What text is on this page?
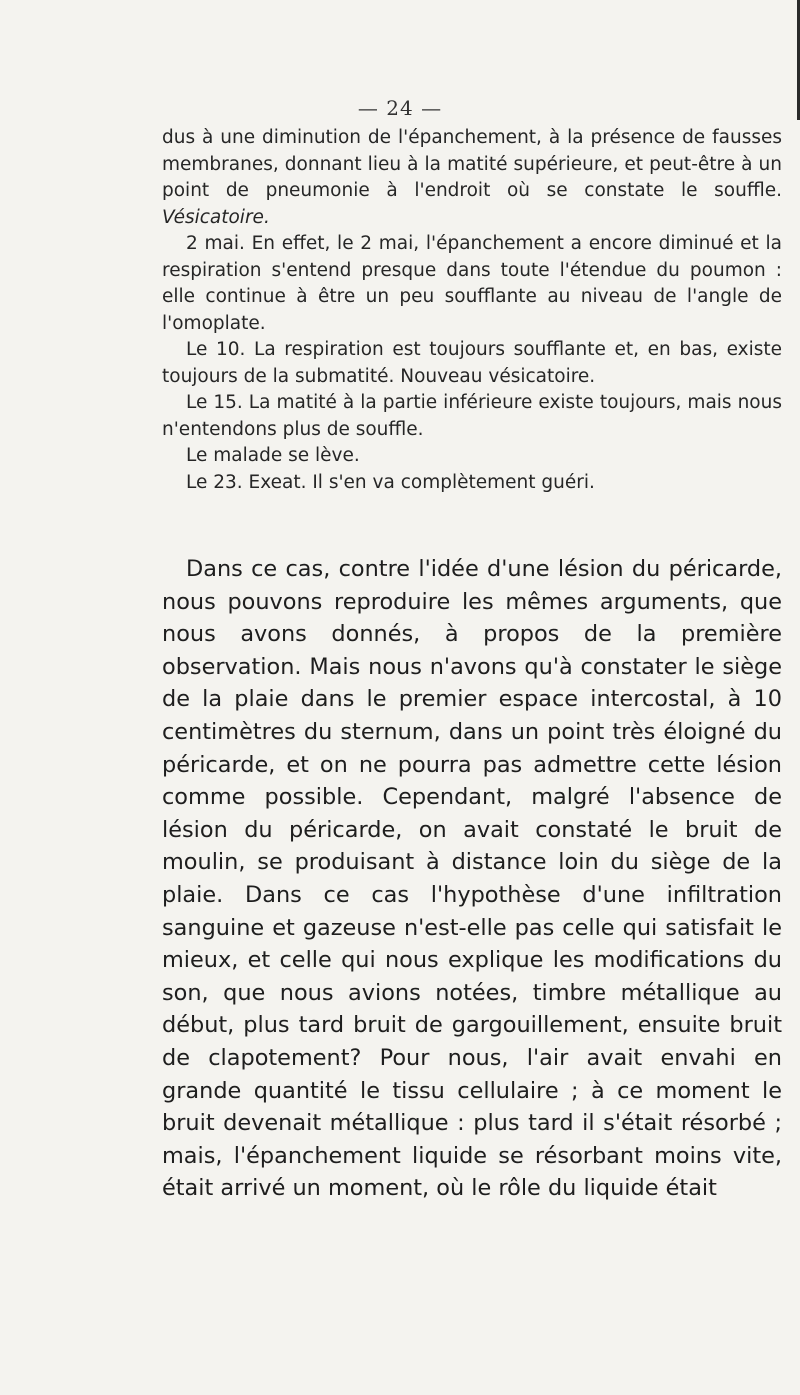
— 24 —

dus à une diminution de l'épanchement, à la présence de fausses membranes, donnant lieu à la matité supérieure, et peut-être à un point de pneumonie à l'endroit où se constate le souffle. Vésicatoire.

2 mai. En effet, le 2 mai, l'épanchement a encore diminué et la respiration s'entend presque dans toute l'étendue du poumon : elle continue à être un peu soufflante au niveau de l'angle de l'omoplate.

Le 10. La respiration est toujours soufflante et, en bas, existe toujours de la submatité. Nouveau vésicatoire.

Le 15. La matité à la partie inférieure existe toujours, mais nous n'entendons plus de souffle.

Le malade se lève.

Le 23. Exeat. Il s'en va complètement guéri.

Dans ce cas, contre l'idée d'une lésion du péricarde, nous pouvons reproduire les mêmes arguments, que nous avons donnés, à propos de la première observation. Mais nous n'avons qu'à constater le siège de la plaie dans le premier espace intercostal, à 10 centimètres du sternum, dans un point très éloigné du péricarde, et on ne pourra pas admettre cette lésion comme possible. Cependant, malgré l'absence de lésion du péricarde, on avait constaté le bruit de moulin, se produisant à distance loin du siège de la plaie. Dans ce cas l'hypothèse d'une infiltration sanguine et gazeuse n'est-elle pas celle qui satisfait le mieux, et celle qui nous explique les modifications du son, que nous avions notées, timbre métallique au début, plus tard bruit de gargouillement, ensuite bruit de clapotement? Pour nous, l'air avait envahi en grande quantité le tissu cellulaire ; à ce moment le bruit devenait métallique : plus tard il s'était résorbé ; mais, l'épanchement liquide se résorbant moins vite, était arrivé un moment, où le rôle du liquide était
